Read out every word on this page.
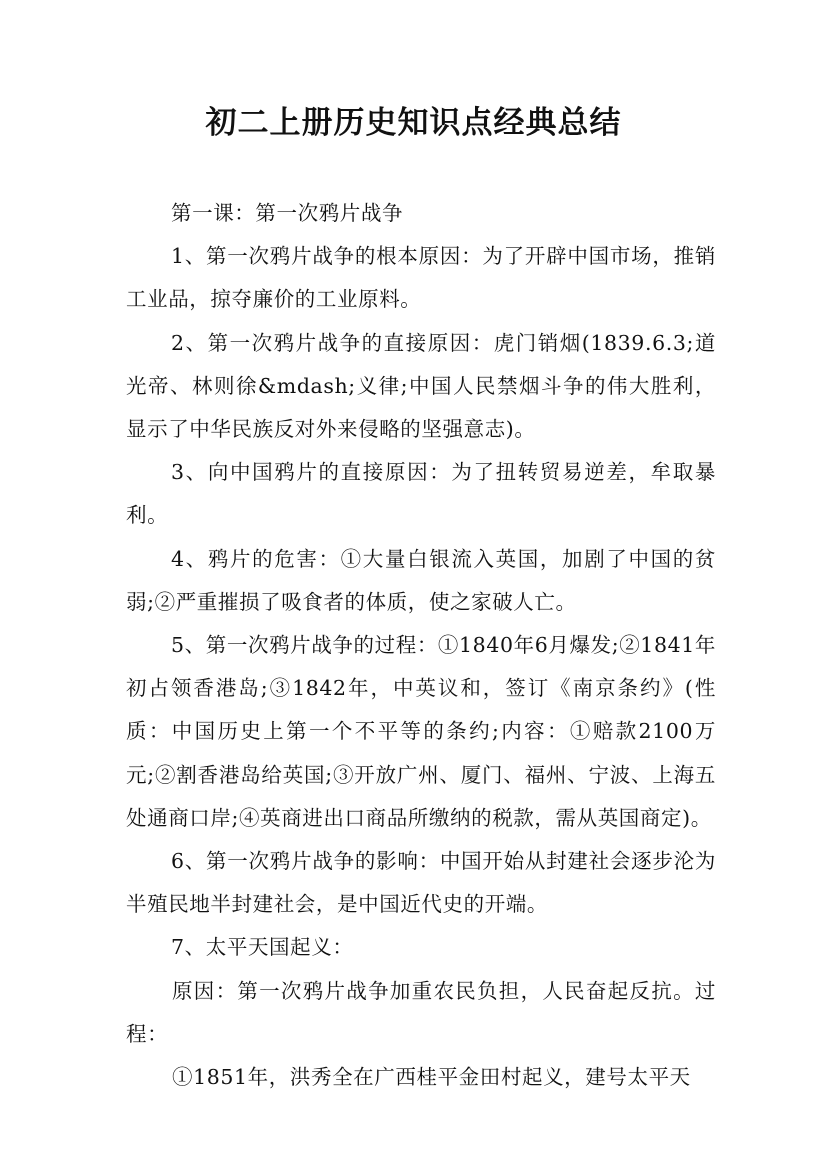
初二上册历史知识点经典总结

第一课：第一次鸦片战争

1、第一次鸦片战争的根本原因：为了开辟中国市场，推销工业品，掠夺廉价的工业原料。

2、第一次鸦片战争的直接原因：虎门销烟(1839.6.3;道光帝、林则徐&mdash;义律;中国人民禁烟斗争的伟大胜利，显示了中华民族反对外来侵略的坚强意志)。

3、向中国鸦片的直接原因：为了扭转贸易逆差，牟取暴利。

4、鸦片的危害：①大量白银流入英国，加剧了中国的贫弱;②严重摧损了吸食者的体质，使之家破人亡。

5、第一次鸦片战争的过程：①1840年6月爆发;②1841年初占领香港岛;③1842年，中英议和，签订《南京条约》(性质：中国历史上第一个不平等的条约;内容：①赔款2100万元;②割香港岛给英国;③开放广州、厦门、福州、宁波、上海五处通商口岸;④英商进出口商品所缴纳的税款，需从英国商定)。

6、第一次鸦片战争的影响：中国开始从封建社会逐步沦为半殖民地半封建社会，是中国近代史的开端。

7、太平天国起义：

原因：第一次鸦片战争加重农民负担，人民奋起反抗。过程：

①1851年，洪秀全在广西桂平金田村起义，建号太平天
